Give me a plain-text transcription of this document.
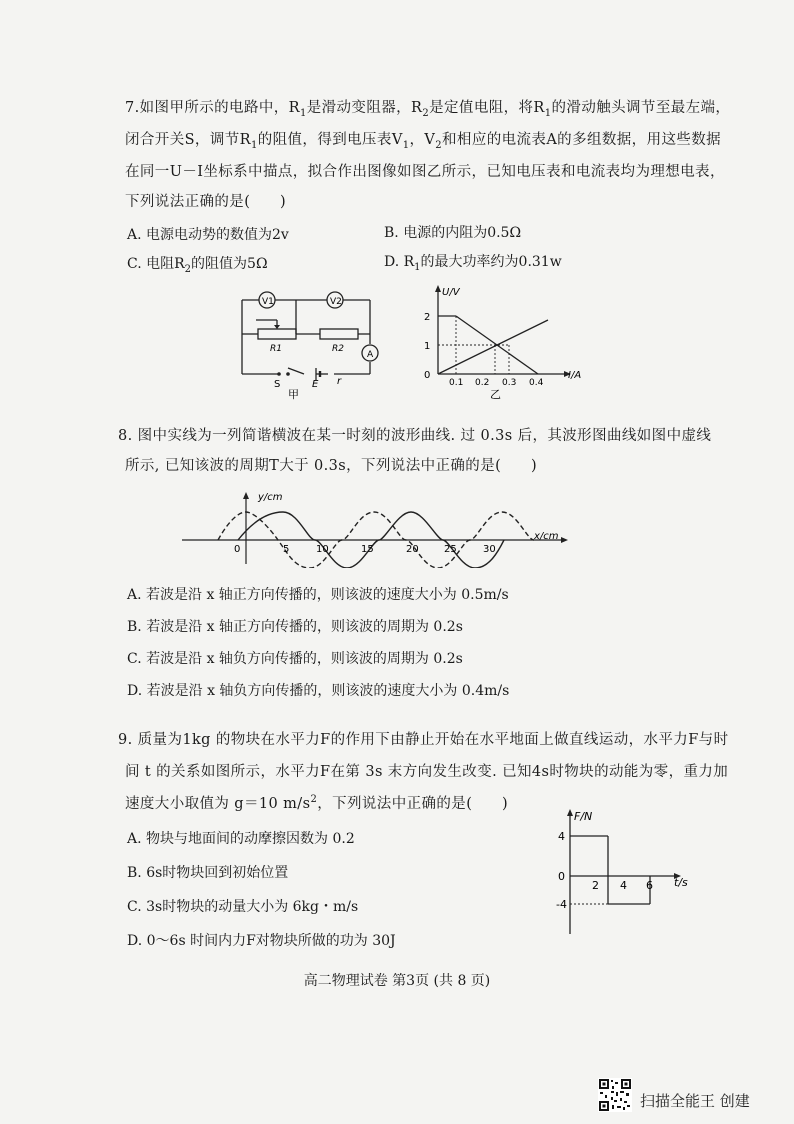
7.如图甲所示的电路中，$R_1$是滑动变阻器，$R_2$是定值电阻，将$R_1$的滑动触头调节至最左端，
闭合开关S，调节$R_1$的阻值，得到电压表$V_1$，$V_2$和相应的电流表A的多组数据，用这些数据
在同一U－I坐标系中描点，拟合作出图像如图乙所示，已知电压表和电流表均为理想电表，
下列说法正确的是(　　)
A. 电源电动势的数值为2v	B. 电源的内阻为0.5Ω
C. 电阻$R_2$的阻值为5Ω	D. $R_1$的最大功率约为0.31w
V1	V2
A
R1	R2
S	E r
甲
U/V
I/A
2
1
0
0.1 0.2 0.3 0.4
乙
8. 图中实线为一列简谐横波在某一时刻的波形曲线. 过 0.3s 后，其波形图曲线如图中虚线
所示, 已知该波的周期T大于 0.3s，下列说法中正确的是(　　)
y/cm
x/cm
0	5	10	15	20	25	30
A. 若波是沿 x 轴正方向传播的，则该波的速度大小为 0.5m/s
B. 若波是沿 x 轴正方向传播的，则该波的周期为 0.2s
C. 若波是沿 x 轴负方向传播的，则该波的周期为 0.2s
D. 若波是沿 x 轴负方向传播的，则该波的速度大小为 0.4m/s
9. 质量为1kg 的物块在水平力F的作用下由静止开始在水平地面上做直线运动，水平力F与时
间 t 的关系如图所示，水平力F在第 3s 末方向发生改变. 已知4s时物块的动能为零，重力加
速度大小取值为 g＝10 $m/s^2$，下列说法中正确的是(　　)
A. 物块与地面间的动摩擦因数为 0.2
B. 6s时物块回到初始位置
C. 3s时物块的动量大小为 6kg・m/s
D. 0～6s 时间内力F对物块所做的功为 30J
F/N
t/s
4
0
-4
2 4 6
高二物理试卷 第3页 (共 8 页)
扫描全能王 创建
